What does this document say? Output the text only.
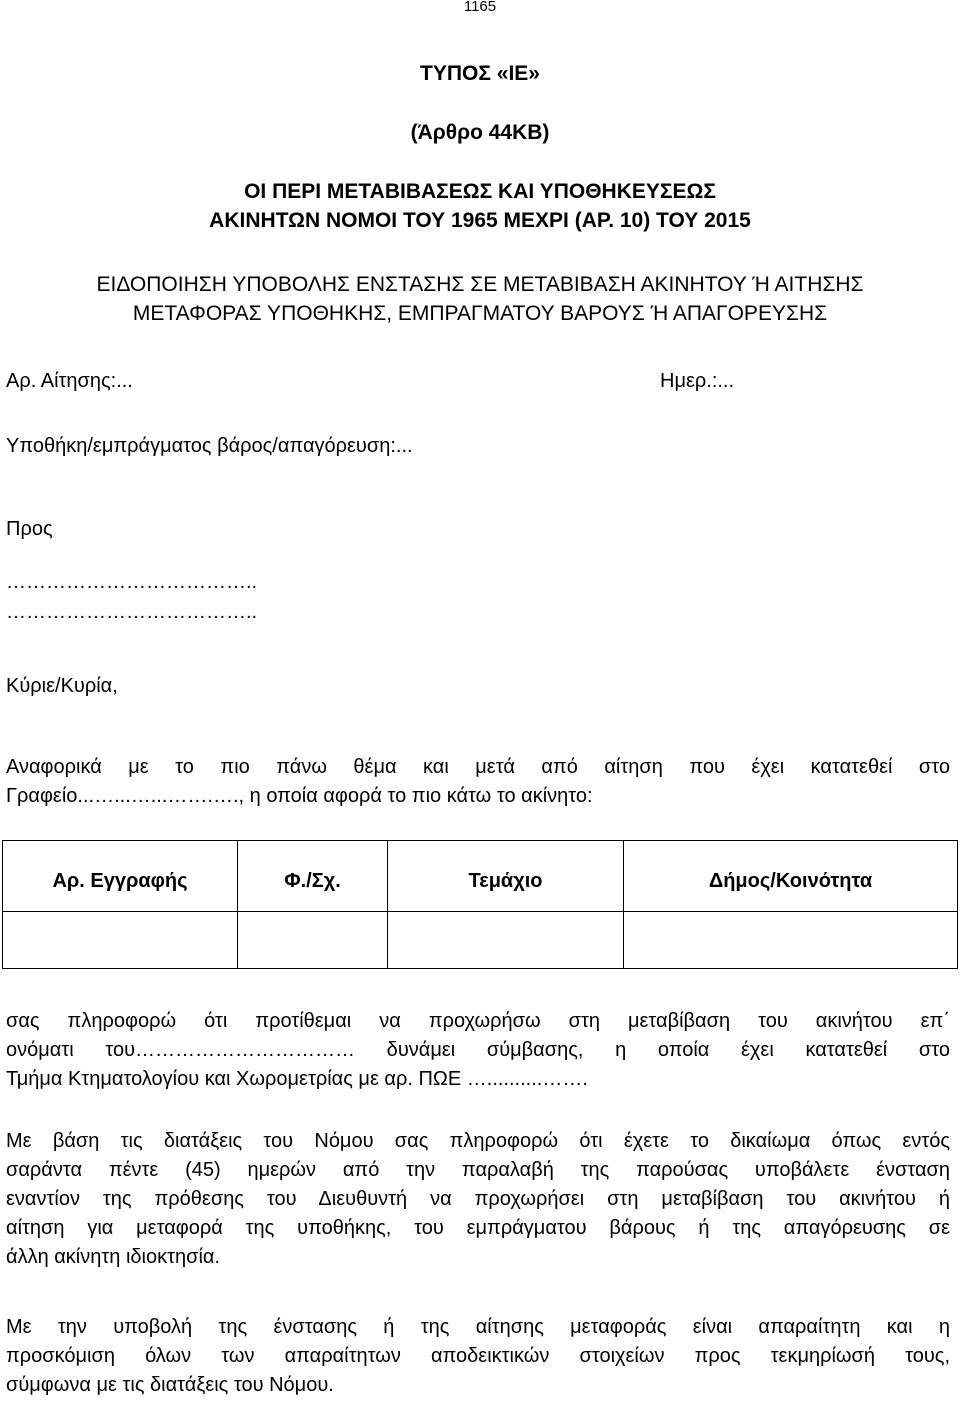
1165
ΤΥΠΟΣ «ΙΕ»
(Άρθρο 44ΚΒ)
ΟΙ ΠΕΡΙ ΜΕΤΑΒΙΒΑΣΕΩΣ ΚΑΙ ΥΠΟΘΗΚΕΥΣΕΩΣ
ΑΚΙΝΗΤΩΝ ΝΟΜΟΙ ΤΟΥ 1965 ΜΕΧΡΙ (ΑΡ. 10) ΤΟΥ 2015
ΕΙΔΟΠΟΙΗΣΗ ΥΠΟΒΟΛΗΣ ΕΝΣΤΑΣΗΣ ΣΕ ΜΕΤΑΒΙΒΑΣΗ ΑΚΙΝΗΤΟΥ Ή ΑΙΤΗΣΗΣ
ΜΕΤΑΦΟΡΑΣ ΥΠΟΘΗΚΗΣ, ΕΜΠΡΑΓΜΑΤΟΥ ΒΑΡΟΥΣ Ή ΑΠΑΓΟΡΕΥΣΗΣ
Αρ. Αίτησης:...	Ημερ.:...
Υποθήκη/εμπράγματος βάρος/απαγόρευση:...
Προς
………………………………..
………………………………..
Κύριε/Κυρία,
Αναφορικά με το πιο πάνω θέμα και μετά από αίτηση που έχει κατατεθεί στο
Γραφείο...…...…...…….…., η οποία αφορά το πιο κάτω το ακίνητο:
Αρ. Εγγραφής	Φ./Σχ.	Τεμάχιο	Δήμος/Κοινότητα

σας πληροφορώ ότι προτίθεμαι να προχωρήσω στη μεταβίβαση του ακινήτου επ΄
ονόματι του…………………………… δυνάμει σύμβασης, η οποία έχει κατατεθεί στο
Τμήμα Κτηματολογίου και Χωρομετρίας με αρ. ΠΩΕ …..........…….
Με βάση τις διατάξεις του Νόμου σας πληροφορώ ότι έχετε το δικαίωμα όπως εντός
σαράντα πέντε (45) ημερών από την παραλαβή της παρούσας υποβάλετε ένσταση
εναντίον της πρόθεσης του Διευθυντή να προχωρήσει στη μεταβίβαση του ακινήτου ή
αίτηση για μεταφορά της υποθήκης, του εμπράγματου βάρους ή της απαγόρευσης σε
άλλη ακίνητη ιδιοκτησία.
Με την υποβολή της ένστασης ή της αίτησης μεταφοράς είναι απαραίτητη και η
προσκόμιση όλων των απαραίτητων αποδεικτικών στοιχείων προς τεκμηρίωσή τους,
σύμφωνα με τις διατάξεις του Νόμου.
